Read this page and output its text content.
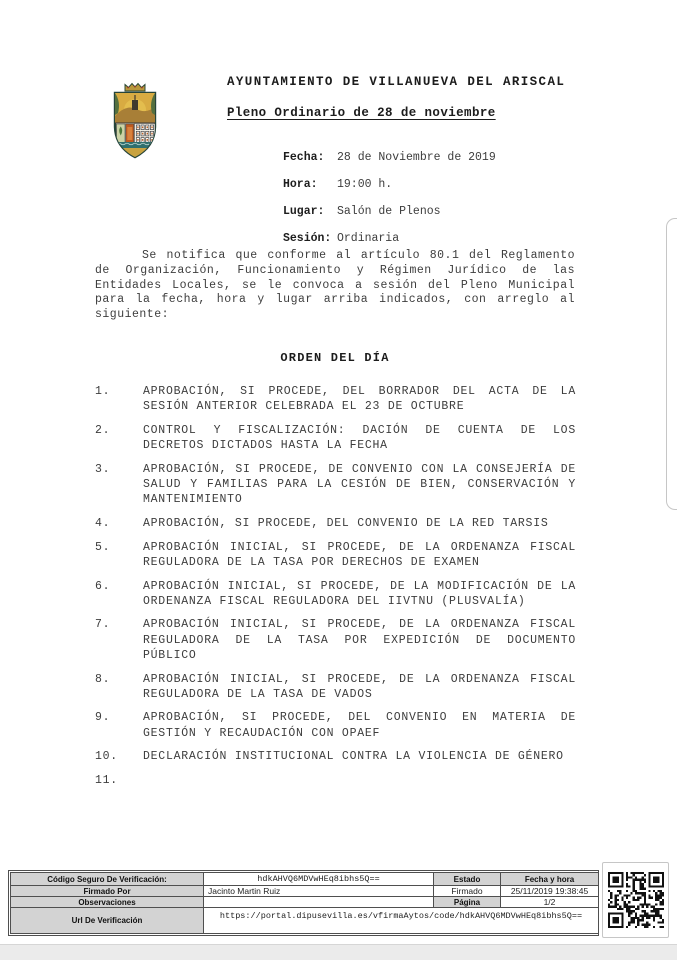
AYUNTAMIENTO DE VILLANUEVA DEL ARISCAL
Pleno Ordinario de 28 de noviembre
Fecha: 28 de Noviembre de 2019
Hora: 19:00 h.
Lugar: Salón de Plenos
Sesión: Ordinaria
Se notifica que conforme al artículo 80.1 del Reglamento de Organización, Funcionamiento y Régimen Jurídico de las Entidades Locales, se le convoca a sesión del Pleno Municipal para la fecha, hora y lugar arriba indicados, con arreglo al siguiente:
ORDEN DEL DÍA
1.	APROBACIÓN, SI PROCEDE, DEL BORRADOR DEL ACTA DE LA SESIÓN ANTERIOR CELEBRADA EL 23 DE OCTUBRE
2.	CONTROL Y FISCALIZACIÓN: DACIÓN DE CUENTA DE LOS DECRETOS DICTADOS HASTA LA FECHA
3.	APROBACIÓN, SI PROCEDE, DE CONVENIO CON LA CONSEJERÍA DE SALUD Y FAMILIAS PARA LA CESIÓN DE BIEN, CONSERVACIÓN Y MANTENIMIENTO
4.	APROBACIÓN, SI PROCEDE, DEL CONVENIO DE LA RED TARSIS
5.	APROBACIÓN INICIAL, SI PROCEDE, DE LA ORDENANZA FISCAL REGULADORA DE LA TASA POR DERECHOS DE EXAMEN
6.	APROBACIÓN INICIAL, SI PROCEDE, DE LA MODIFICACIÓN DE LA ORDENANZA FISCAL REGULADORA DEL IIVTNU (PLUSVALÍA)
7.	APROBACIÓN INICIAL, SI PROCEDE, DE LA ORDENANZA FISCAL REGULADORA DE LA TASA POR EXPEDICIÓN DE DOCUMENTO PÚBLICO
8.	APROBACIÓN INICIAL, SI PROCEDE, DE LA ORDENANZA FISCAL REGULADORA DE LA TASA DE VADOS
9.	APROBACIÓN, SI PROCEDE, DEL CONVENIO EN MATERIA DE GESTIÓN Y RECAUDACIÓN CON OPAEF
10.	DECLARACIÓN INSTITUCIONAL CONTRA LA VIOLENCIA DE GÉNERO
11.
Código Seguro De Verificación:	hdkAHVQ6MDVwHEq8ibhs5Q==	Estado	Fecha y hora
Firmado Por	Jacinto Martin Ruiz	Firmado	25/11/2019 19:38:45
Observaciones		Página	1/2
Url De Verificación	https://portal.dipusevilla.es/vfirmaAytos/code/hdkAHVQ6MDVwHEq8ibhs5Q==		
